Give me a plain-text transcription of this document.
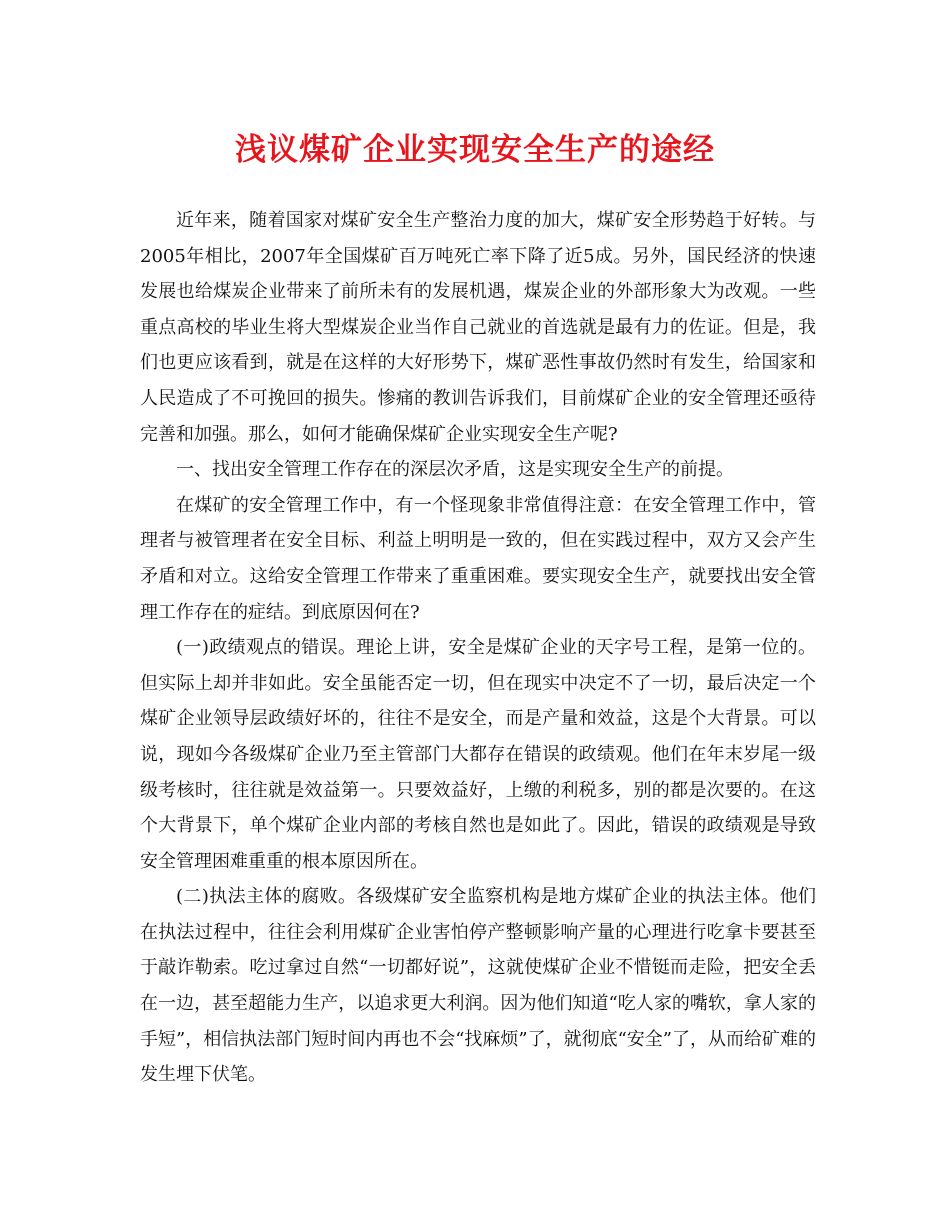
浅议煤矿企业实现安全生产的途经

近年来，随着国家对煤矿安全生产整治力度的加大，煤矿安全形势趋于好转。与2005年相比，2007年全国煤矿百万吨死亡率下降了近5成。另外，国民经济的快速发展也给煤炭企业带来了前所未有的发展机遇，煤炭企业的外部形象大为改观。一些重点高校的毕业生将大型煤炭企业当作自己就业的首选就是最有力的佐证。但是，我们也更应该看到，就是在这样的大好形势下，煤矿恶性事故仍然时有发生，给国家和人民造成了不可挽回的损失。惨痛的教训告诉我们，目前煤矿企业的安全管理还亟待完善和加强。那么，如何才能确保煤矿企业实现安全生产呢?

一、找出安全管理工作存在的深层次矛盾，这是实现安全生产的前提。

在煤矿的安全管理工作中，有一个怪现象非常值得注意：在安全管理工作中，管理者与被管理者在安全目标、利益上明明是一致的，但在实践过程中，双方又会产生矛盾和对立。这给安全管理工作带来了重重困难。要实现安全生产，就要找出安全管理工作存在的症结。到底原因何在?

(一)政绩观点的错误。理论上讲，安全是煤矿企业的天字号工程，是第一位的。但实际上却并非如此。安全虽能否定一切，但在现实中决定不了一切，最后决定一个煤矿企业领导层政绩好坏的，往往不是安全，而是产量和效益，这是个大背景。可以说，现如今各级煤矿企业乃至主管部门大都存在错误的政绩观。他们在年末岁尾一级级考核时，往往就是效益第一。只要效益好，上缴的利税多，别的都是次要的。在这个大背景下，单个煤矿企业内部的考核自然也是如此了。因此，错误的政绩观是导致安全管理困难重重的根本原因所在。

(二)执法主体的腐败。各级煤矿安全监察机构是地方煤矿企业的执法主体。他们在执法过程中，往往会利用煤矿企业害怕停产整顿影响产量的心理进行吃拿卡要甚至于敲诈勒索。吃过拿过自然“一切都好说”，这就使煤矿企业不惜铤而走险，把安全丢在一边，甚至超能力生产，以追求更大利润。因为他们知道“吃人家的嘴软，拿人家的手短”，相信执法部门短时间内再也不会“找麻烦”了，就彻底“安全”了，从而给矿难的发生埋下伏笔。
